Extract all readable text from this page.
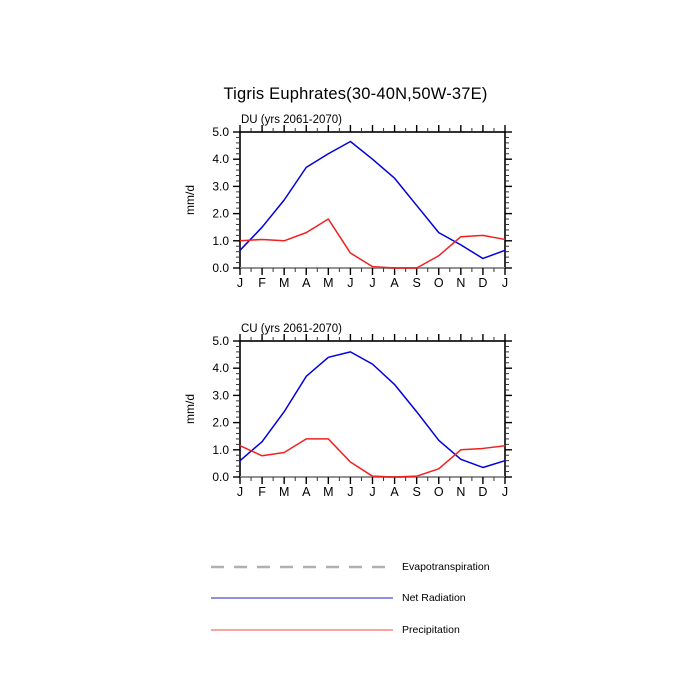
Tigris Euphrates(30-40N,50W-37E)
DU (yrs 2061-2070)
mm/d
0.0
1.0
2.0
3.0
4.0
5.0
J F M A M J J A S O N D J
CU (yrs 2061-2070)
mm/d
0.0
1.0
2.0
3.0
4.0
5.0
J F M A M J J A S O N D J
Evapotranspiration
Net Radiation
Precipitation
